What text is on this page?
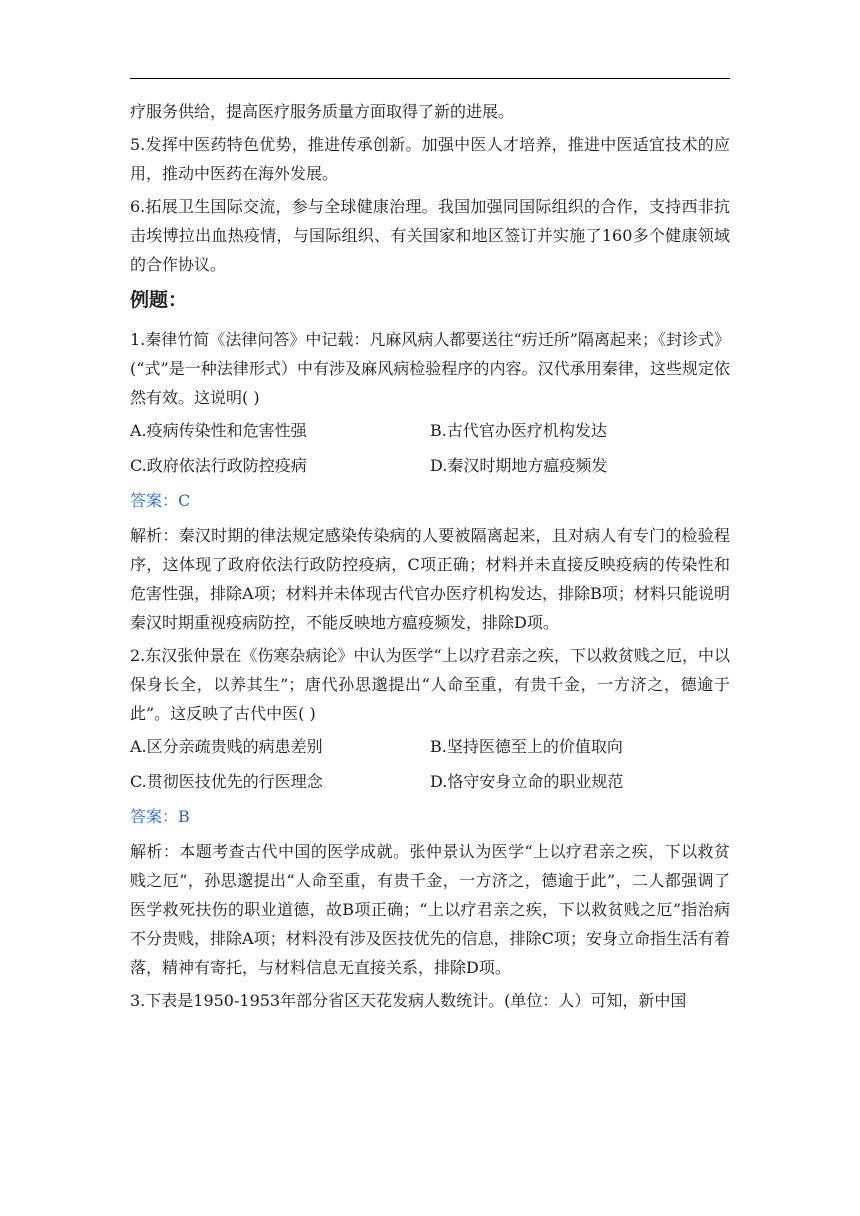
疗服务供给，提高医疗服务质量方面取得了新的进展。

5.发挥中医药特色优势，推进传承创新。加强中医人才培养，推进中医适宜技术的应用，推动中医药在海外发展。

6.拓展卫生国际交流，参与全球健康治理。我国加强同国际组织的合作，支持西非抗击埃博拉出血热疫情，与国际组织、有关国家和地区签订并实施了160多个健康领域的合作协议。

例题：

1.秦律竹简《法律问答》中记载：凡麻风病人都要送往“疠迁所”隔离起来；《封诊式》(“式”是一种法律形式）中有涉及麻风病检验程序的内容。汉代承用秦律，这些规定依然有效。这说明( )

A.疫病传染性和危害性强	B.古代官办医疗机构发达
C.政府依法行政防控疫病	D.秦汉时期地方瘟疫频发

答案：C

解析：秦汉时期的律法规定感染传染病的人要被隔离起来，且对病人有专门的检验程序，这体现了政府依法行政防控疫病，C项正确；材料并未直接反映疫病的传染性和危害性强，排除A项；材料并未体现古代官办医疗机构发达，排除B项；材料只能说明秦汉时期重视疫病防控，不能反映地方瘟疫频发，排除D项。

2.东汉张仲景在《伤寒杂病论》中认为医学“上以疗君亲之疾，下以救贫贱之厄，中以保身长全，以养其生”；唐代孙思邈提出“人命至重，有贵千金，一方济之，德逾于此”。这反映了古代中医( )

A.区分亲疏贵贱的病患差别	B.坚持医德至上的价值取向
C.贯彻医技优先的行医理念	D.恪守安身立命的职业规范

答案：B

解析：本题考查古代中国的医学成就。张仲景认为医学“上以疗君亲之疾，下以救贫贱之厄”，孙思邈提出“人命至重，有贵千金，一方济之，德逾于此”，二人都强调了医学救死扶伤的职业道德，故B项正确；“上以疗君亲之疾，下以救贫贱之厄”指治病不分贵贱，排除A项；材料没有涉及医技优先的信息，排除C项；安身立命指生活有着落，精神有寄托，与材料信息无直接关系，排除D项。

3.下表是1950-1953年部分省区天花发病人数统计。(单位：人）可知，新中国
